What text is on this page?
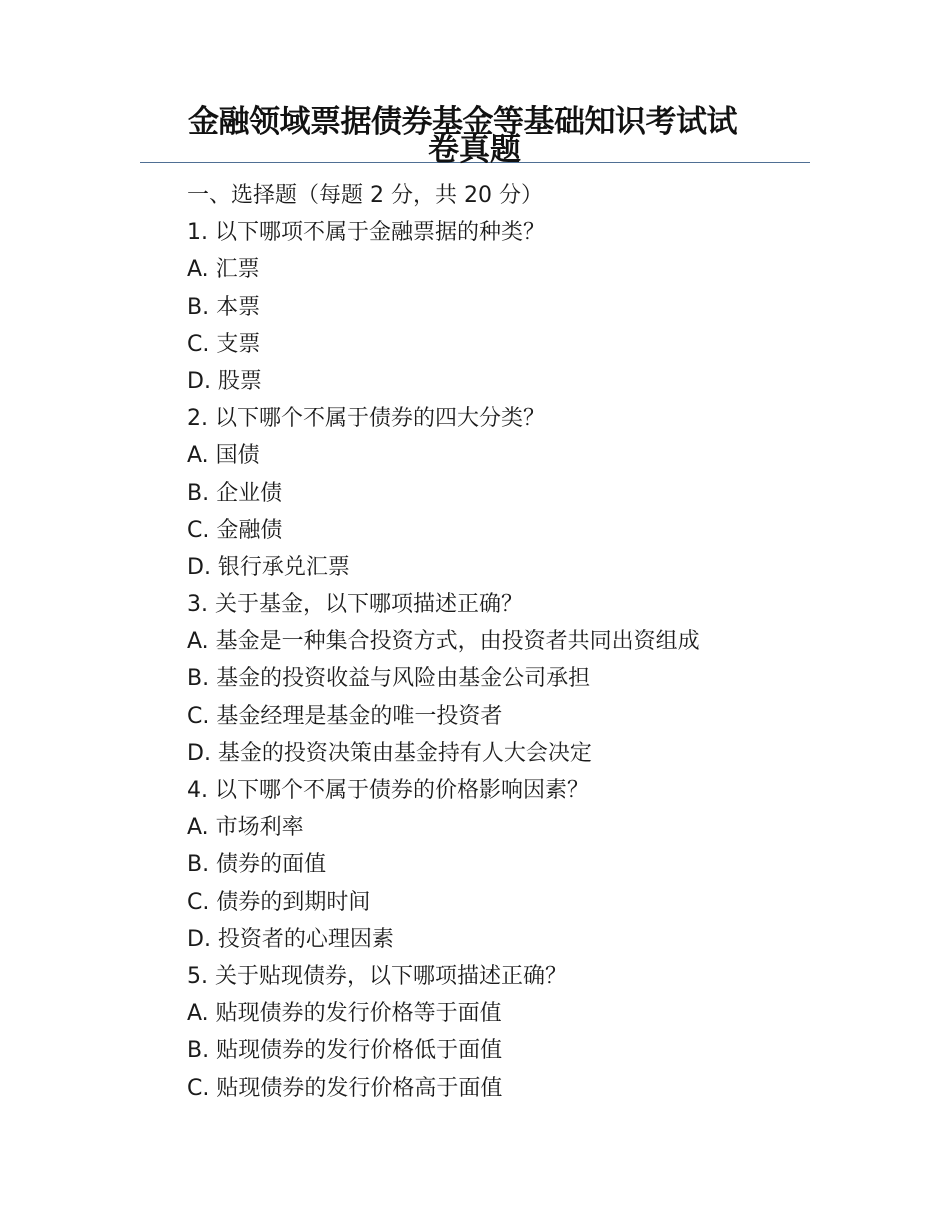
金融领域票据债券基金等基础知识考试试
卷真题
一、选择题（每题 2 分，共 20 分）
1. 以下哪项不属于金融票据的种类？
A. 汇票
B. 本票
C. 支票
D. 股票
2. 以下哪个不属于债券的四大分类？
A. 国债
B. 企业债
C. 金融债
D. 银行承兑汇票
3. 关于基金，以下哪项描述正确？
A. 基金是一种集合投资方式，由投资者共同出资组成
B. 基金的投资收益与风险由基金公司承担
C. 基金经理是基金的唯一投资者
D. 基金的投资决策由基金持有人大会决定
4. 以下哪个不属于债券的价格影响因素？
A. 市场利率
B. 债券的面值
C. 债券的到期时间
D. 投资者的心理因素
5. 关于贴现债券，以下哪项描述正确？
A. 贴现债券的发行价格等于面值
B. 贴现债券的发行价格低于面值
C. 贴现债券的发行价格高于面值
